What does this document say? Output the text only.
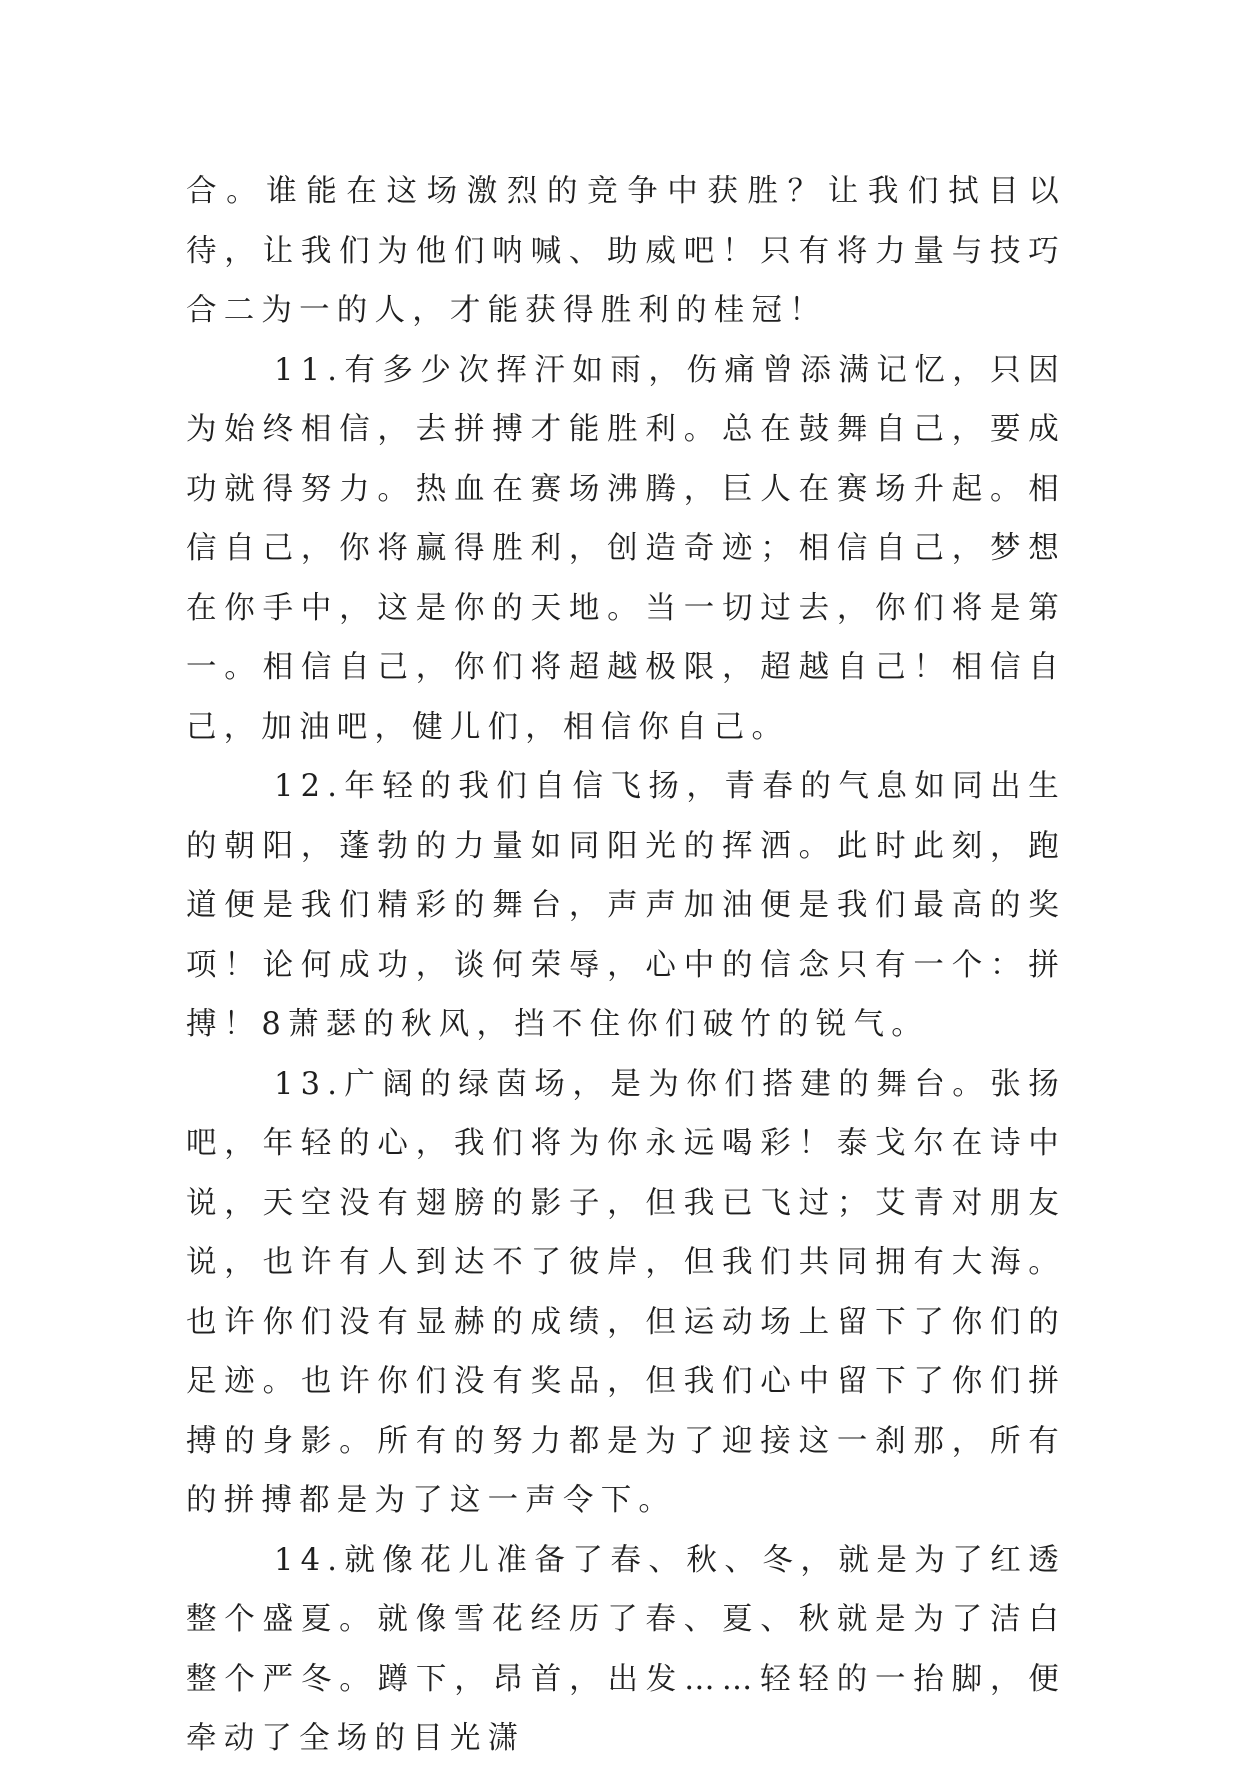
合。谁能在这场激烈的竞争中获胜？让我们拭目以待，让我们为他们呐喊、助威吧！只有将力量与技巧合二为一的人，才能获得胜利的桂冠！

11.有多少次挥汗如雨，伤痛曾添满记忆，只因为始终相信，去拼搏才能胜利。总在鼓舞自己，要成功就得努力。热血在赛场沸腾，巨人在赛场升起。相信自己，你将赢得胜利，创造奇迹；相信自己，梦想在你手中，这是你的天地。当一切过去，你们将是第一。相信自己，你们将超越极限，超越自己！相信自己，加油吧，健儿们，相信你自己。

12.年轻的我们自信飞扬，青春的气息如同出生的朝阳，蓬勃的力量如同阳光的挥洒。此时此刻，跑道便是我们精彩的舞台，声声加油便是我们最高的奖项！论何成功，谈何荣辱，心中的信念只有一个：拼搏！8萧瑟的秋风，挡不住你们破竹的锐气。

13.广阔的绿茵场，是为你们搭建的舞台。张扬吧，年轻的心，我们将为你永远喝彩！泰戈尔在诗中说，天空没有翅膀的影子，但我已飞过；艾青对朋友说，也许有人到达不了彼岸，但我们共同拥有大海。也许你们没有显赫的成绩，但运动场上留下了你们的足迹。也许你们没有奖品，但我们心中留下了你们拼搏的身影。所有的努力都是为了迎接这一刹那，所有的拼搏都是为了这一声令下。

14.就像花儿准备了春、秋、冬，就是为了红透整个盛夏。就像雪花经历了春、夏、秋就是为了洁白整个严冬。蹲下，昂首，出发……轻轻的一抬脚，便牵动了全场的目光潇
